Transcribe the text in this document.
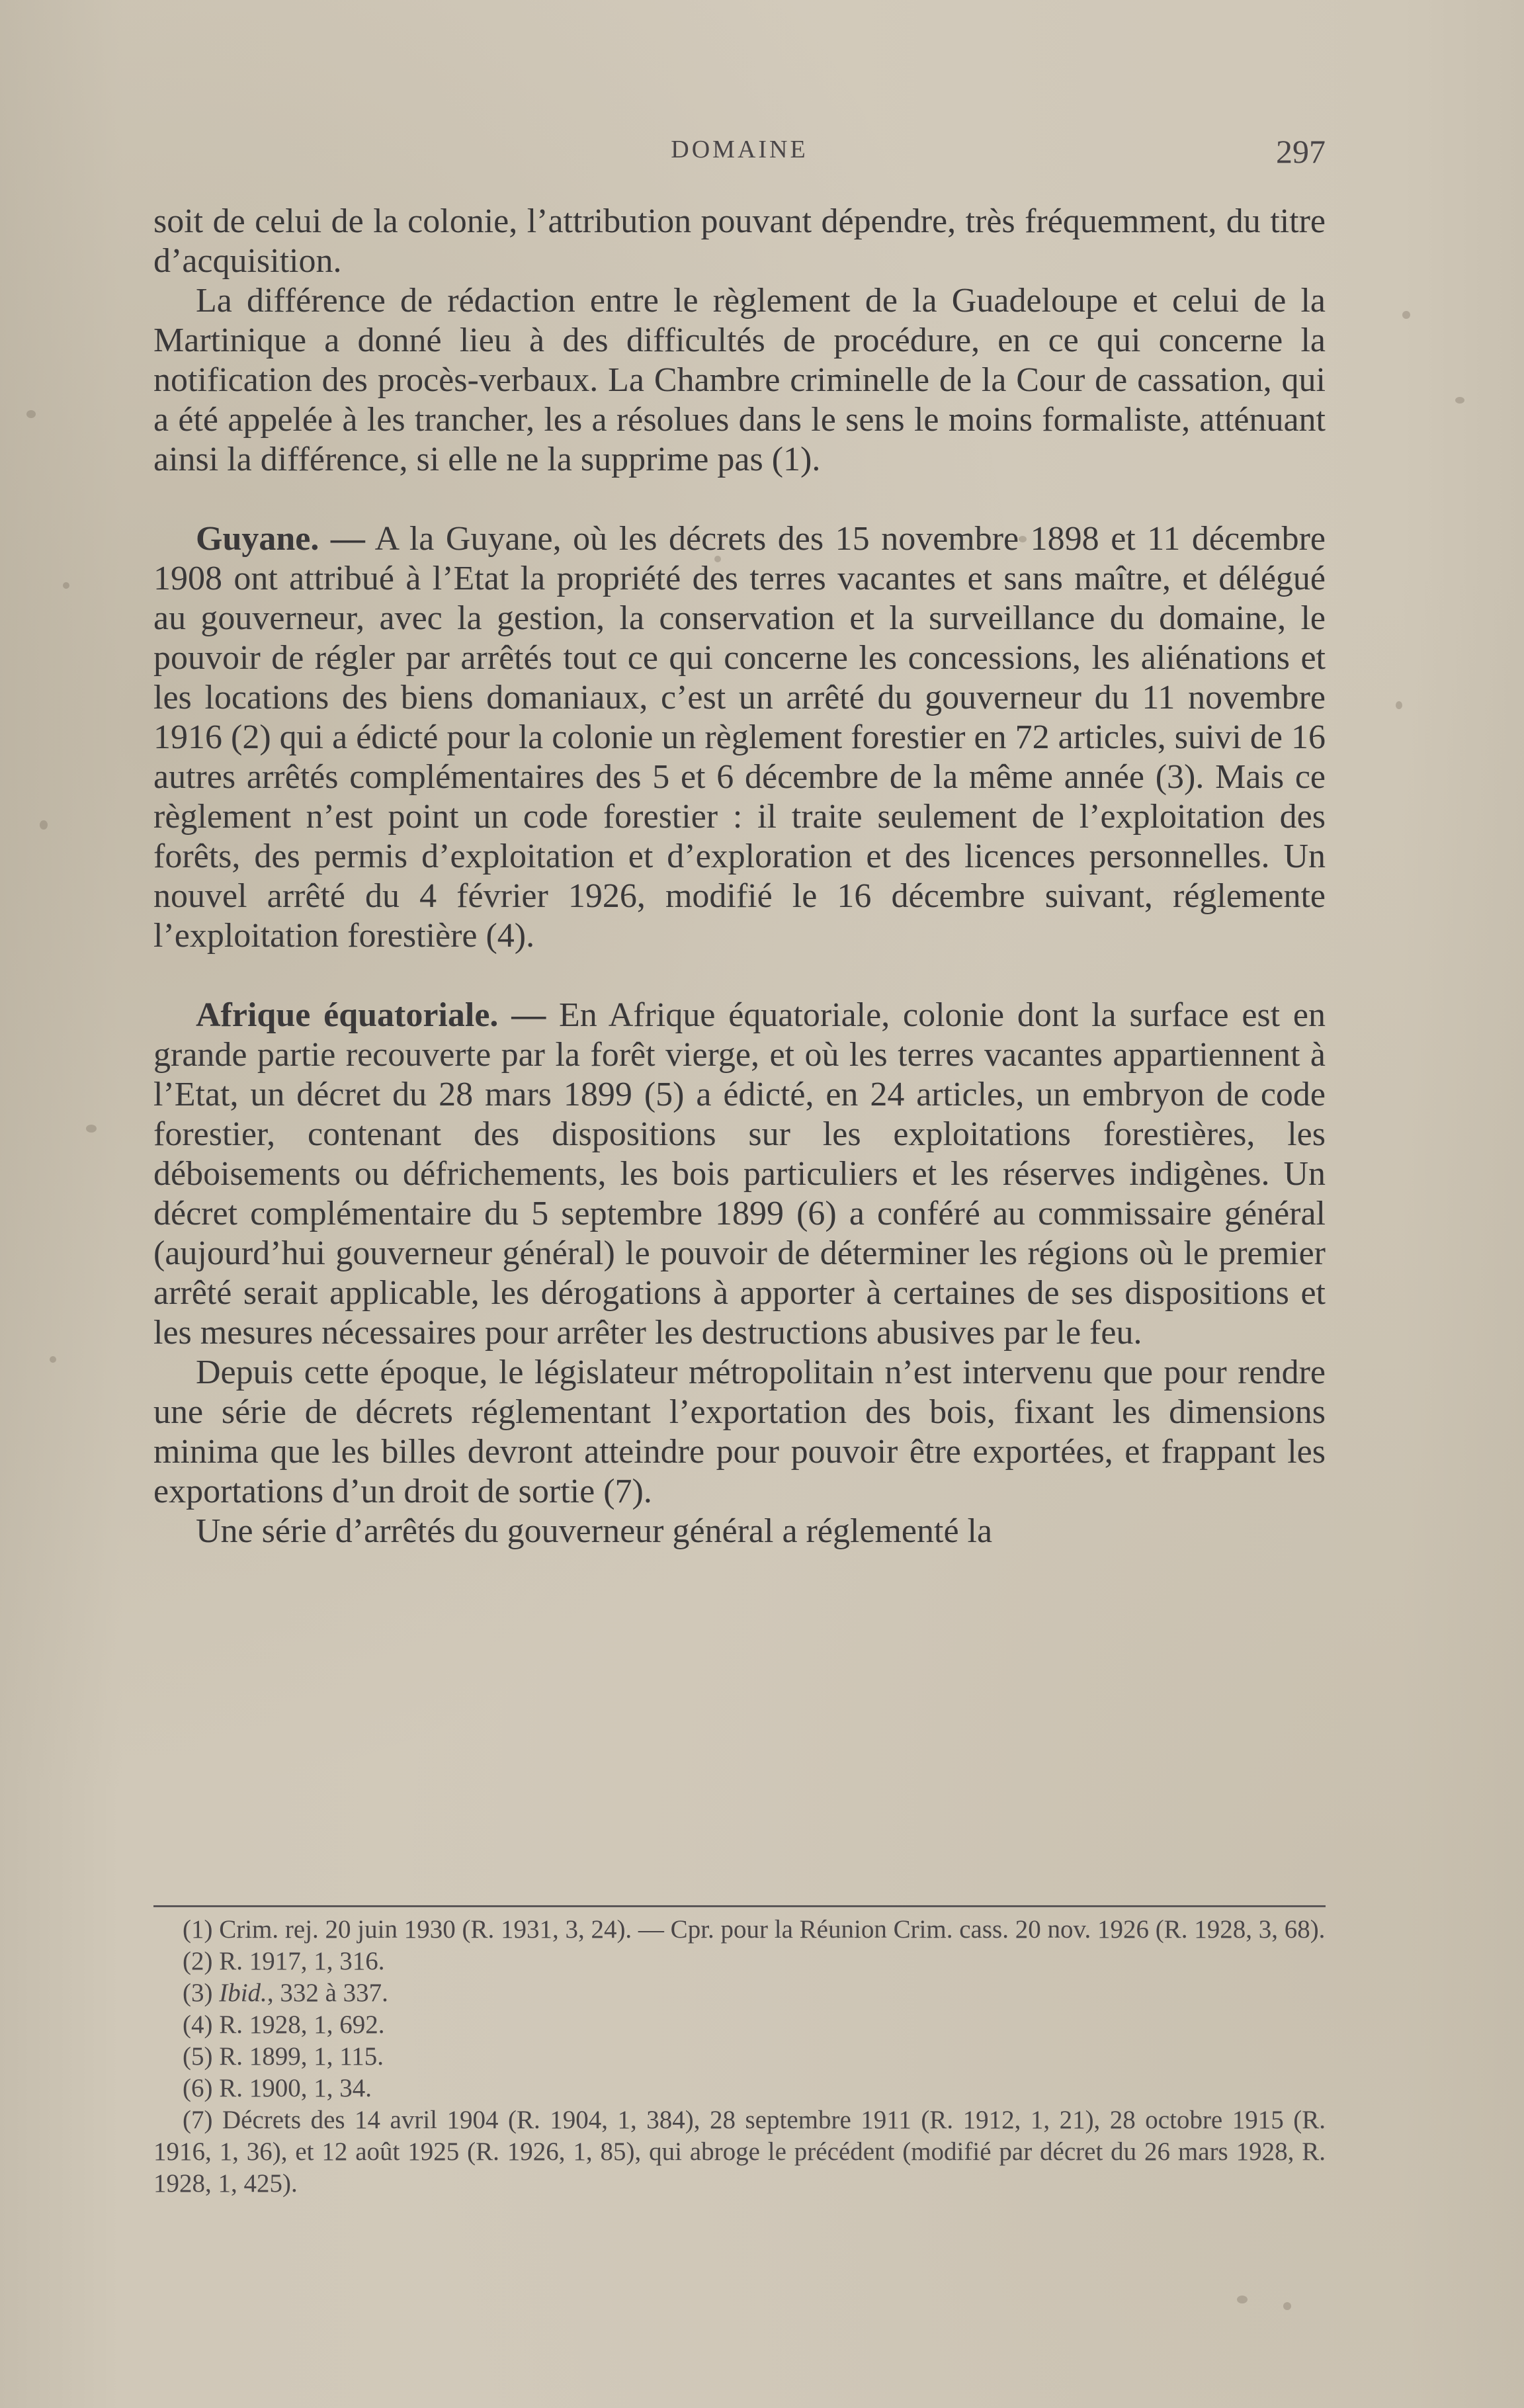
DOMAINE	297

soit de celui de la colonie, l’attribution pouvant dépendre, très fréquemment, du titre d’acquisition.

La différence de rédaction entre le règlement de la Guadeloupe et celui de la Martinique a donné lieu à des difficultés de procédure, en ce qui concerne la notification des procès-verbaux. La Chambre criminelle de la Cour de cassation, qui a été appelée à les trancher, les a résolues dans le sens le moins formaliste, atténuant ainsi la différence, si elle ne la supprime pas (1).

Guyane. — A la Guyane, où les décrets des 15 novembre 1898 et 11 décembre 1908 ont attribué à l’Etat la propriété des terres vacantes et sans maître, et délégué au gouverneur, avec la gestion, la conservation et la surveillance du domaine, le pouvoir de régler par arrêtés tout ce qui concerne les concessions, les aliénations et les locations des biens domaniaux, c’est un arrêté du gouverneur du 11 novembre 1916 (2) qui a édicté pour la colonie un règlement forestier en 72 articles, suivi de 16 autres arrêtés complémentaires des 5 et 6 décembre de la même année (3). Mais ce règlement n’est point un code forestier : il traite seulement de l’exploitation des forêts, des permis d’exploitation et d’exploration et des licences personnelles. Un nouvel arrêté du 4 février 1926, modifié le 16 décembre suivant, réglemente l’exploitation forestière (4).

Afrique équatoriale. — En Afrique équatoriale, colonie dont la surface est en grande partie recouverte par la forêt vierge, et où les terres vacantes appartiennent à l’Etat, un décret du 28 mars 1899 (5) a édicté, en 24 articles, un embryon de code forestier, contenant des dispositions sur les exploitations forestières, les déboisements ou défrichements, les bois particuliers et les réserves indigènes. Un décret complémentaire du 5 septembre 1899 (6) a conféré au commissaire général (aujourd’hui gouverneur général) le pouvoir de déterminer les régions où le premier arrêté serait applicable, les dérogations à apporter à certaines de ses dispositions et les mesures nécessaires pour arrêter les destructions abusives par le feu.

Depuis cette époque, le législateur métropolitain n’est intervenu que pour rendre une série de décrets réglementant l’exportation des bois, fixant les dimensions minima que les billes devront atteindre pour pouvoir être exportées, et frappant les exportations d’un droit de sortie (7).

Une série d’arrêtés du gouverneur général a réglementé la

(1) Crim. rej. 20 juin 1930 (R. 1931, 3, 24). — Cpr. pour la Réunion Crim. cass. 20 nov. 1926 (R. 1928, 3, 68).

(2) R. 1917, 1, 316.

(3) Ibid., 332 à 337.

(4) R. 1928, 1, 692.

(5) R. 1899, 1, 115.

(6) R. 1900, 1, 34.

(7) Décrets des 14 avril 1904 (R. 1904, 1, 384), 28 septembre 1911 (R. 1912, 1, 21), 28 octobre 1915 (R. 1916, 1, 36), et 12 août 1925 (R. 1926, 1, 85), qui abroge le précédent (modifié par décret du 26 mars 1928, R. 1928, 1, 425).
